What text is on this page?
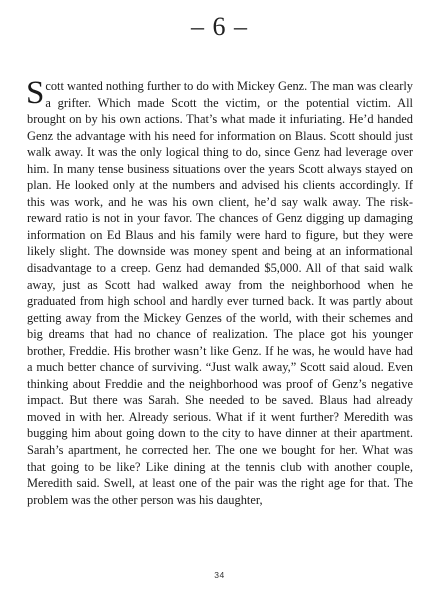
– 6 –

Scott wanted nothing further to do with Mickey Genz. The man was clearly a grifter. Which made Scott the victim, or the potential victim. All brought on by his own actions. That’s what made it infuriating. He’d handed Genz the advantage with his need for information on Blaus. Scott should just walk away. It was the only logical thing to do, since Genz had leverage over him. In many tense business situations over the years Scott always stayed on plan. He looked only at the numbers and advised his clients accordingly. If this was work, and he was his own client, he’d say walk away. The risk-reward ratio is not in your favor. The chances of Genz digging up damaging information on Ed Blaus and his family were hard to figure, but they were likely slight. The downside was money spent and being at an informational disadvantage to a creep. Genz had demanded $5,000. All of that said walk away, just as Scott had walked away from the neighborhood when he graduated from high school and hardly ever turned back. It was partly about getting away from the Mickey Genzes of the world, with their schemes and big dreams that had no chance of realization. The place got his younger brother, Freddie. His brother wasn’t like Genz. If he was, he would have had a much better chance of surviving. “Just walk away,” Scott said aloud. Even thinking about Freddie and the neighborhood was proof of Genz’s negative impact. But there was Sarah. She needed to be saved. Blaus had already moved in with her. Already serious. What if it went further? Meredith was bugging him about going down to the city to have dinner at their apartment. Sarah’s apartment, he corrected her. The one we bought for her. What was that going to be like? Like dining at the tennis club with another couple, Meredith said. Swell, at least one of the pair was the right age for that. The problem was the other person was his daughter,

34
